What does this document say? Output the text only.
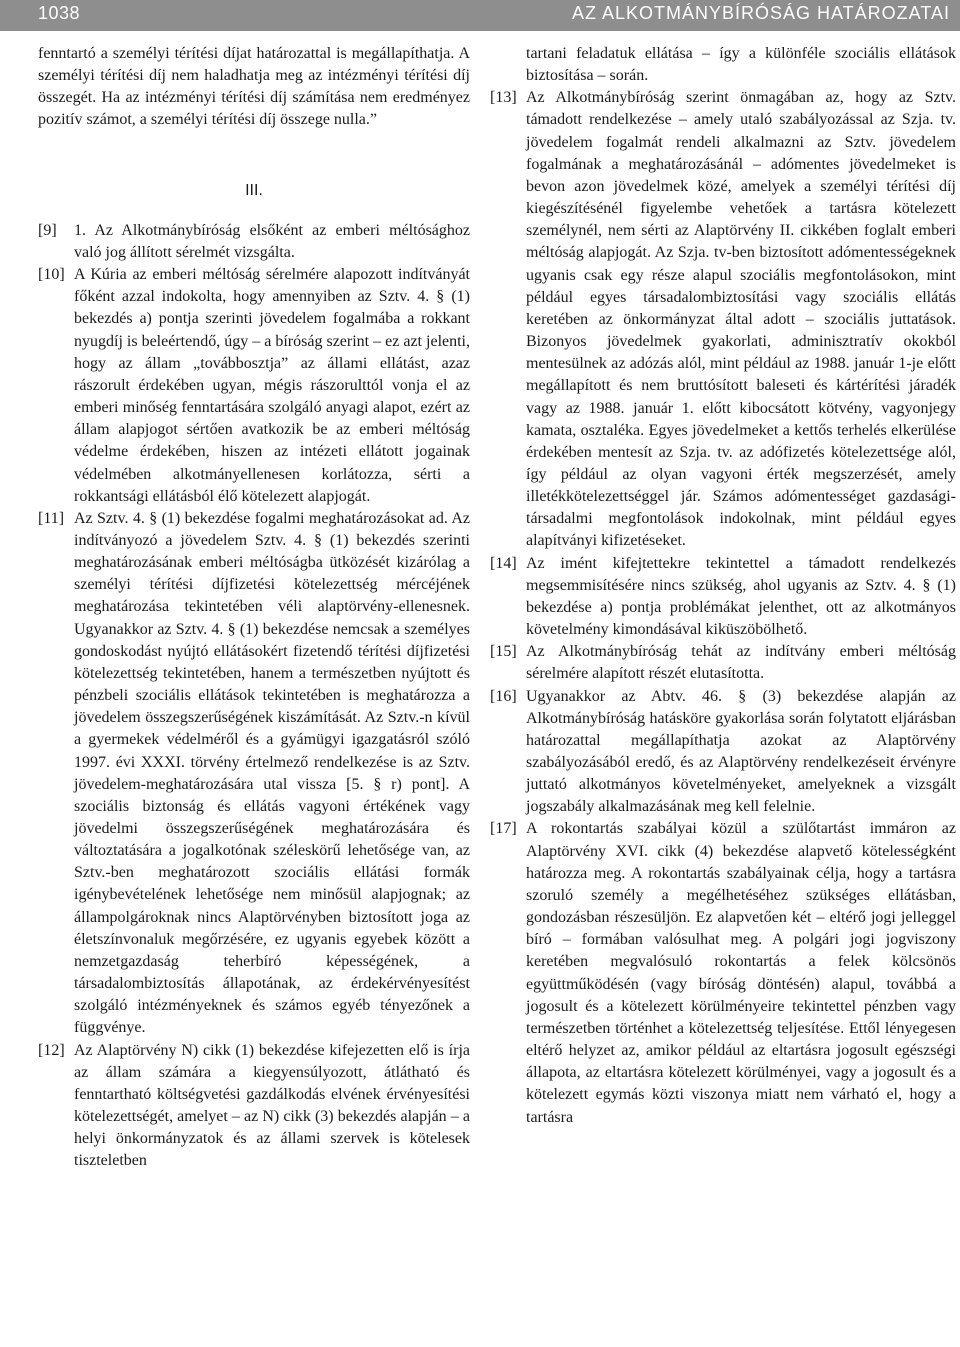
1038	AZ ALKOTMÁNYBÍRÓSÁG HATÁROZATAI

fenntartó a személyi térítési díjat határozattal is megállapíthatja. A személyi térítési díj nem haladhatja meg az intézményi térítési díj összegét. Ha az intézményi térítési díj számítása nem eredményez pozitív számot, a személyi térítési díj összege nulla.”

III.

[9] 1. Az Alkotmánybíróság elsőként az emberi méltósághoz való jog állított sérelmét vizsgálta.

[10] A Kúria az emberi méltóság sérelmére alapozott indítványát főként azzal indokolta, hogy amennyiben az Sztv. 4. § (1) bekezdés a) pontja szerinti jövedelem fogalmába a rokkant nyugdíj is beleértendő, úgy – a bíróság szerint – ez azt jelenti, hogy az állam „továbbosztja” az állami ellátást, azaz rászorult érdekében ugyan, mégis rászorulttól vonja el az emberi minőség fenntartására szolgáló anyagi alapot, ezért az állam alapjogot sértően avatkozik be az emberi méltóság védelme érdekében, hiszen az intézeti ellátott jogainak védelmében alkotmányellenesen korlátozza, sérti a rokkantsági ellátásból élő kötelezett alapjogát.

[11] Az Sztv. 4. § (1) bekezdése fogalmi meghatározásokat ad. Az indítványozó a jövedelem Sztv. 4. § (1) bekezdés szerinti meghatározásának emberi méltóságba ütközését kizárólag a személyi térítési díjfizetési kötelezettség mércéjének meghatározása tekintetében véli alaptörvény-ellenesnek. Ugyanakkor az Sztv. 4. § (1) bekezdése nemcsak a személyes gondoskodást nyújtó ellátásokért fizetendő térítési díjfizetési kötelezettség tekintetében, hanem a természetben nyújtott és pénzbeli szociális ellátások tekintetében is meghatározza a jövedelem összegszerűségének kiszámítását. Az Sztv.-n kívül a gyermekek védelméről és a gyámügyi igazgatásról szóló 1997. évi XXXI. törvény értelmező rendelkezése is az Sztv. jövedelem-meghatározására utal vissza [5. § r) pont]. A szociális biztonság és ellátás vagyoni értékének vagy jövedelmi összegszerűségének meghatározására és változtatására a jogalkotónak széleskörű lehetősége van, az Sztv.-ben meghatározott szociális ellátási formák igénybevételének lehetősége nem minősül alapjognak; az állampolgároknak nincs Alaptörvényben biztosított joga az életszínvonaluk megőrzésére, ez ugyanis egyebek között a nemzetgazdaság teherbíró képességének, a társadalombiztosítás állapotának, az érdekérvényesítést szolgáló intézményeknek és számos egyéb tényezőnek a függvénye.

[12] Az Alaptörvény N) cikk (1) bekezdése kifejezetten elő is írja az állam számára a kiegyensúlyozott, átlátható és fenntartható költségvetési gazdálkodás elvének érvényesítési kötelezettségét, amelyet – az N) cikk (3) bekezdés alapján – a helyi önkormányzatok és az állami szervek is kötelesek tiszteletben

tartani feladatuk ellátása – így a különféle szociális ellátások biztosítása – során.

[13] Az Alkotmánybíróság szerint önmagában az, hogy az Sztv. támadott rendelkezése – amely utaló szabályozással az Szja. tv. jövedelem fogalmát rendeli alkalmazni az Sztv. jövedelem fogalmának a meghatározásánál – adómentes jövedelmeket is bevon azon jövedelmek közé, amelyek a személyi térítési díj kiegészítésénél figyelembe vehetőek a tartásra kötelezett személynél, nem sérti az Alaptörvény II. cikkében foglalt emberi méltóság alapjogát. Az Szja. tv-ben biztosított adómentességeknek ugyanis csak egy része alapul szociális megfontolásokon, mint például egyes társadalombiztosítási vagy szociális ellátás keretében az önkormányzat által adott – szociális juttatások. Bizonyos jövedelmek gyakorlati, adminisztratív okokból mentesülnek az adózás alól, mint például az 1988. január 1-je előtt megállapított és nem bruttósított baleseti és kártérítési járadék vagy az 1988. január 1. előtt kibocsátott kötvény, vagyonjegy kamata, osztaléka. Egyes jövedelmeket a kettős terhelés elkerülése érdekében mentesít az Szja. tv. az adófizetés kötelezettsége alól, így például az olyan vagyoni érték megszerzését, amely illetékkötelezettséggel jár. Számos adómentességet gazdasági-társadalmi megfontolások indokolnak, mint például egyes alapítványi kifizetéseket.

[14] Az imént kifejtettekre tekintettel a támadott rendelkezés megsemmisítésére nincs szükség, ahol ugyanis az Sztv. 4. § (1) bekezdése a) pontja problémákat jelenthet, ott az alkotmányos követelmény kimondásával kiküszöbölhető.

[15] Az Alkotmánybíróság tehát az indítvány emberi méltóság sérelmére alapított részét elutasította.

[16] Ugyanakkor az Abtv. 46. § (3) bekezdése alapján az Alkotmánybíróság hatásköre gyakorlása során folytatott eljárásban határozattal megállapíthatja azokat az Alaptörvény szabályozásából eredő, és az Alaptörvény rendelkezéseit érvényre juttató alkotmányos követelményeket, amelyeknek a vizsgált jogszabály alkalmazásának meg kell felelnie.

[17] A rokontartás szabályai közül a szülőtartást immáron az Alaptörvény XVI. cikk (4) bekezdése alapvető kötelességként határozza meg. A rokontartás szabályainak célja, hogy a tartásra szoruló személy a megélhetéséhez szükséges ellátásban, gondozásban részesüljön. Ez alapvetően két – eltérő jogi jelleggel bíró – formában valósulhat meg. A polgári jogi jogviszony keretében megvalósuló rokontartás a felek kölcsönös együttműködésén (vagy bíróság döntésén) alapul, továbbá a jogosult és a kötelezett körülményeire tekintettel pénzben vagy természetben történhet a kötelezettség teljesítése. Ettől lényegesen eltérő helyzet az, amikor például az eltartásra jogosult egészségi állapota, az eltartásra kötelezett körülményei, vagy a jogosult és a kötelezett egymás közti viszonya miatt nem várható el, hogy a tartásra
